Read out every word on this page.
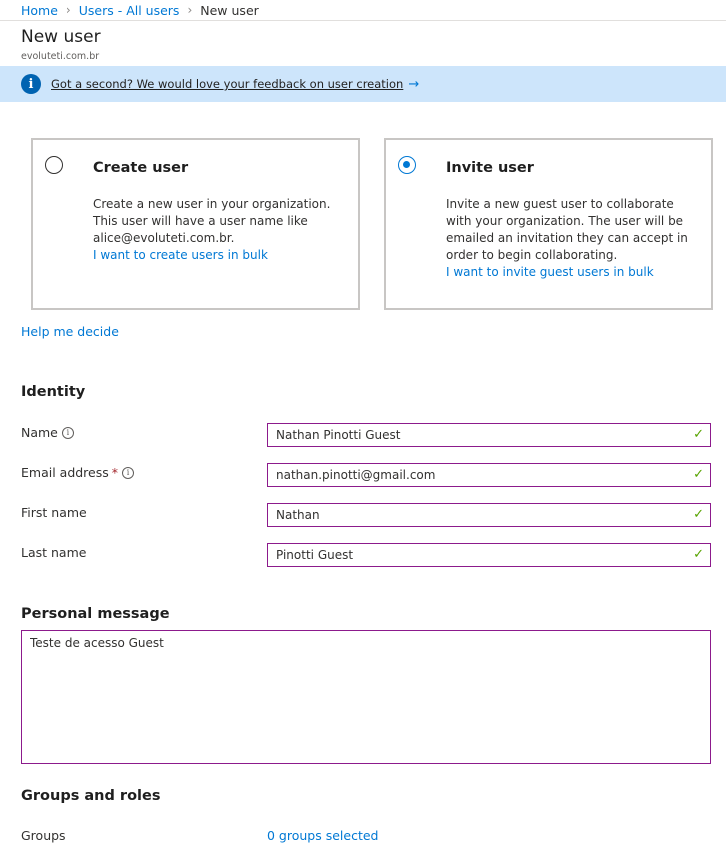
Home › Users - All users › New user
New user
evoluteti.com.br
i	Got a second? We would love your feedback on user creation →
Create user
Create a new user in your organization. This user will have a user name like alice@evoluteti.com.br.
I want to create users in bulk
Invite user
Invite a new guest user to collaborate with your organization. The user will be emailed an invitation they can accept in order to begin collaborating.
I want to invite guest users in bulk
Help me decide
Identity
Name	i
Nathan Pinotti Guest	✓
Email address *	i
nathan.pinotti@gmail.com	✓
First name
Nathan	✓
Last name
Pinotti Guest	✓
Personal message
Teste de acesso Guest
Groups and roles
Groups	0 groups selected
